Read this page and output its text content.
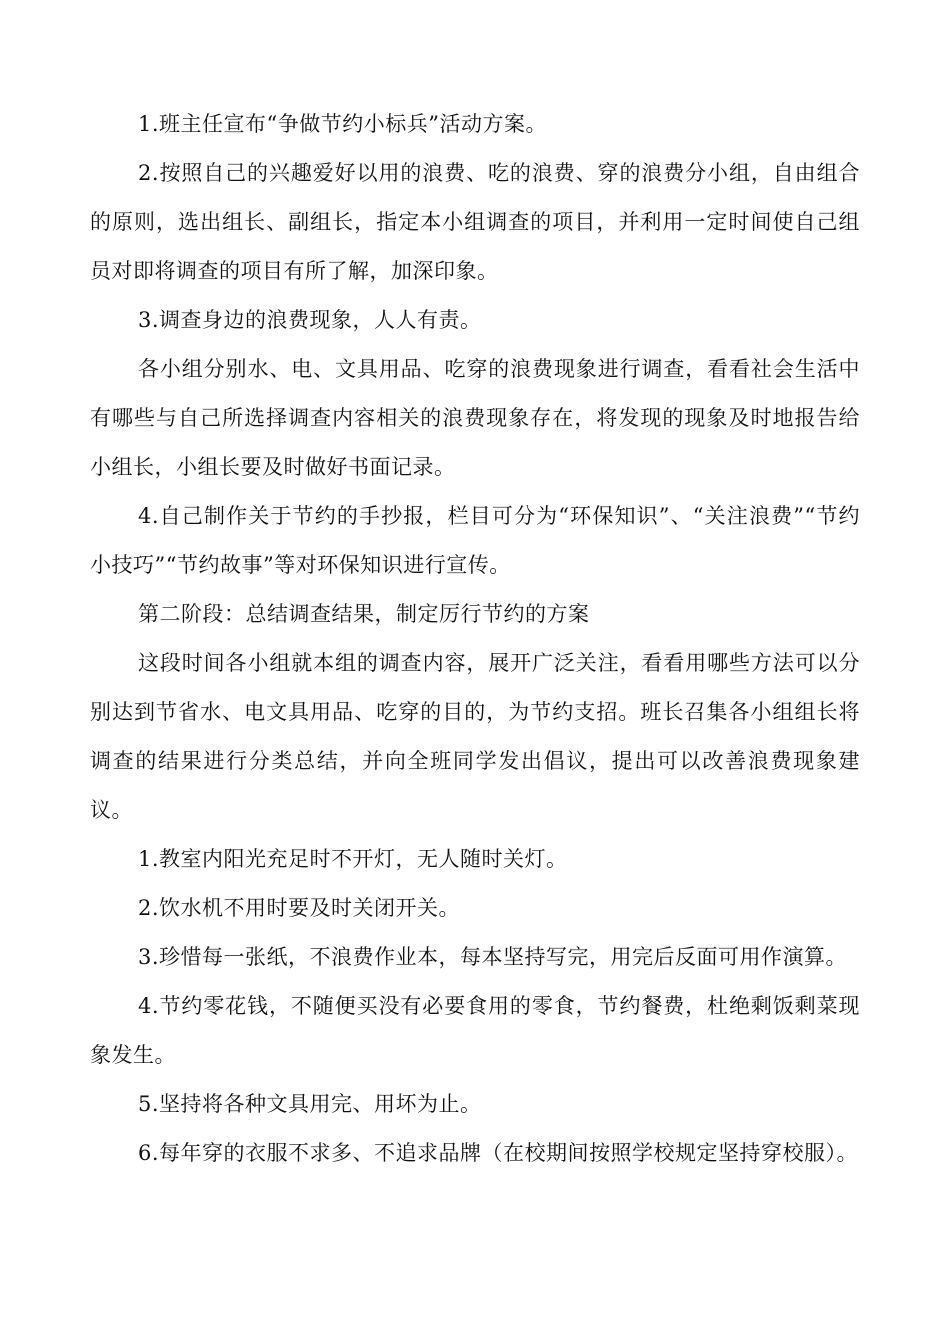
1.班主任宣布“争做节约小标兵”活动方案。

2.按照自己的兴趣爱好以用的浪费、吃的浪费、穿的浪费分小组，自由组合的原则，选出组长、副组长，指定本小组调查的项目，并利用一定时间使自己组员对即将调查的项目有所了解，加深印象。

3.调查身边的浪费现象，人人有责。

各小组分别水、电、文具用品、吃穿的浪费现象进行调查，看看社会生活中有哪些与自己所选择调查内容相关的浪费现象存在，将发现的现象及时地报告给小组长，小组长要及时做好书面记录。

4.自己制作关于节约的手抄报，栏目可分为“环保知识”、“关注浪费”“节约小技巧”“节约故事”等对环保知识进行宣传。

第二阶段：总结调查结果，制定厉行节约的方案

这段时间各小组就本组的调查内容，展开广泛关注，看看用哪些方法可以分别达到节省水、电文具用品、吃穿的目的，为节约支招。班长召集各小组组长将调查的结果进行分类总结，并向全班同学发出倡议，提出可以改善浪费现象建议。

1.教室内阳光充足时不开灯，无人随时关灯。

2.饮水机不用时要及时关闭开关。

3.珍惜每一张纸，不浪费作业本，每本坚持写完，用完后反面可用作演算。

4.节约零花钱，不随便买没有必要食用的零食，节约餐费，杜绝剩饭剩菜现象发生。

5.坚持将各种文具用完、用坏为止。

6.每年穿的衣服不求多、不追求品牌（在校期间按照学校规定坚持穿校服）。
